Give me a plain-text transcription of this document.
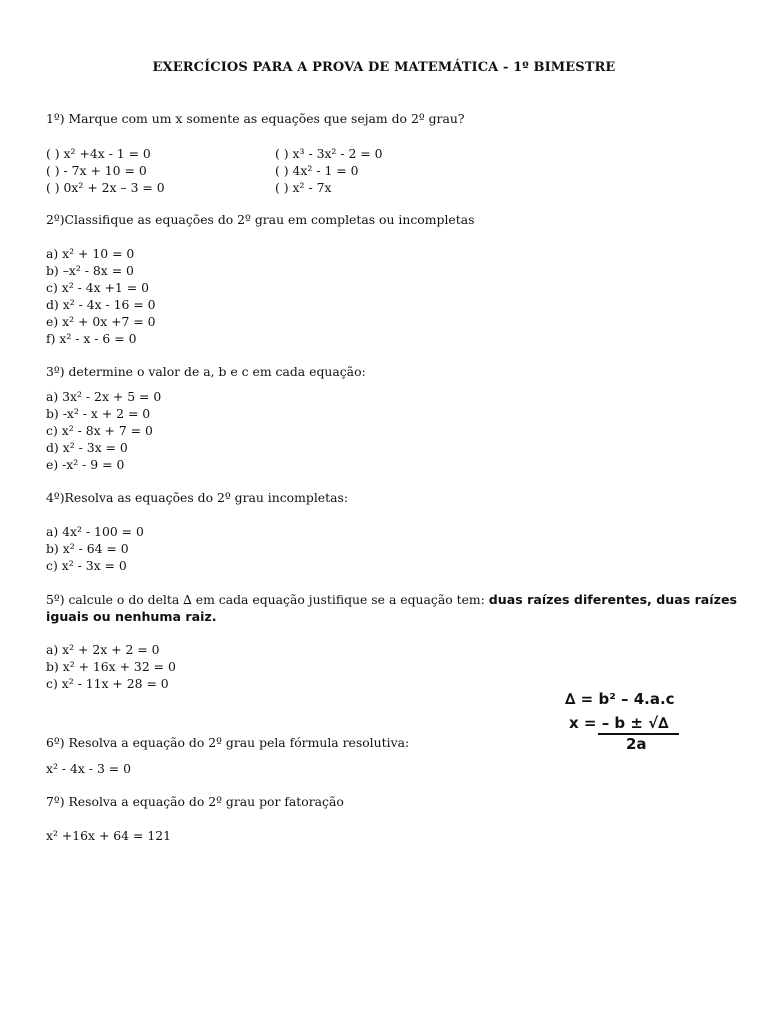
EXERCÍCIOS PARA A PROVA DE MATEMÁTICA - 1º BIMESTRE
1º) Marque com um x somente as equações que sejam do 2º grau?
( ) x² +4x - 1 = 0
( ) - 7x + 10 = 0
( ) 0x² + 2x – 3 = 0
( ) x³ - 3x² - 2 = 0
( ) 4x² - 1 = 0
( ) x² - 7x
2º)Classifique as equações do 2º grau em completas ou incompletas
a) x² + 10 = 0
b) –x² - 8x = 0
c) x² - 4x +1 = 0
d) x² - 4x - 16 = 0
e) x² + 0x +7 = 0
f) x² - x - 6 = 0
3º) determine o valor de a, b e c em cada equação:
a) 3x² - 2x + 5 = 0
b) -x² - x + 2 = 0
c) x² - 8x + 7 = 0
d) x² - 3x = 0
e) -x² - 9 = 0
4º)Resolva as equações do 2º grau incompletas:
a) 4x² - 100 = 0
b) x² - 64 = 0
c) x² - 3x = 0
5º) calcule o do delta ∆ em cada equação justifique se a equação tem: duas raízes diferentes, duas raízes
iguais ou nenhuma raiz.
a) x² + 2x + 2 = 0
b) x² + 16x + 32 = 0
c) x² - 11x + 28 = 0
∆ = b² – 4.a.c
x = – b ± √∆
2a
6º) Resolva a equação do 2º grau pela fórmula resolutiva:
x² - 4x - 3 = 0
7º) Resolva a equação do 2º grau por fatoração
x² +16x + 64 = 121
